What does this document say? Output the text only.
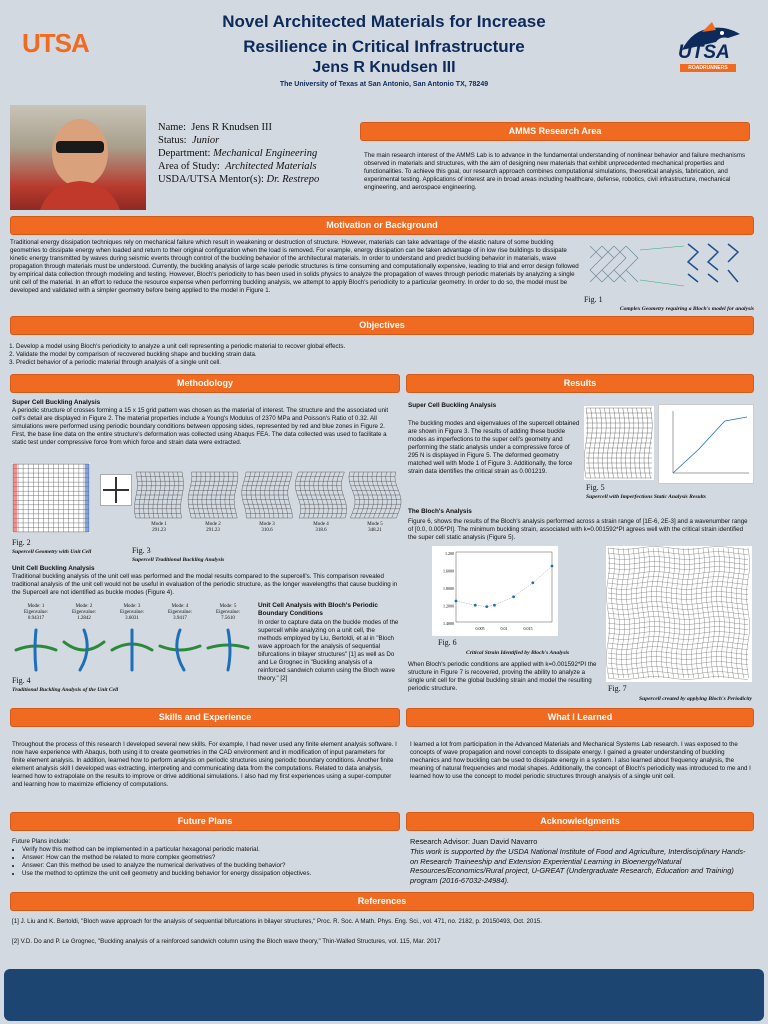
UTSA
Novel Architected Materials for Increase
Resilience in Critical Infrastructure
Jens R Knudsen III
The University of Texas at San Antonio, San Antonio TX, 78249
UTSA
ROADRUNNERS
Name: Jens R Knudsen III
Status: Junior
Department: Mechanical Engineering
Area of Study: Architected Materials
USDA/UTSA Mentor(s): Dr. Restrepo
AMMS Research Area
The main research interest of the AMMS Lab is to advance in the fundamental understanding of nonlinear behavior and failure mechanisms observed in materials and structures, with the aim of designing new materials that exhibit unprecedented mechanical properties and functionalities. To achieve this goal, our research approach combines computational simulations, theoretical analysis, fabrication, and experimental testing. Applications of interest are in broad areas including healthcare, defense, robotics, civil infrastructure, mechanical engineering, and aerospace engineering.
Motivation or Background
Traditional energy dissipation techniques rely on mechanical failure which result in weakening or destruction of structure. However, materials can take advantage of the elastic nature of some buckling geometries to dissipate energy when loaded and return to their original configuration when the load is removed. For example, energy dissipation can be taken advantage of in low rise buildings to dissipate kinetic energy transmitted by waves during seismic events through control of the buckling behavior of the architectural materials. In order to understand and predict buckling behavior in materials, wave propagation through materials must be understood. Currently, the buckling analysis of large scale periodic structures is time consuming and computationally expensive, leading to trial and error design followed by empirical data collection through modeling and testing. However, Bloch's periodicity to has been used in solids physics to analyze the propagation of waves through periodic materials by analyzing a single unit cell of the material. In an effort to reduce the resource expense when performing buckling analysis, we attempt to apply Bloch's periodicity to a particular geometry. In order to do so, the model must be developed and validated with a simpler geometry before being applied to the model in Figure 1.
Fig. 1
Complex Geometry requiring a Bloch's model for analysis
Objectives
1. Develop a model using Bloch's periodicity to analyze a unit cell representing a periodic material to recover global effects.
2. Validate the model by comparison of recovered buckling shape and buckling strain data.
3. Predict behavior of a periodic material through analysis of a single unit cell.
Methodology
Super Cell Buckling Analysis
A periodic structure of crosses forming a 15 x 15 grid pattern was chosen as the material of interest. The structure and the associated unit cell's detail are displayed in Figure 2. The material properties include a Young's Modulus of 2370 MPa and Poisson's Ratio of 0.32. All simulations were performed using periodic boundary conditions between opposing sides, represented by red and blue zones in Figure 2. First, the base line data on the entire structure's deformation was collected using Abaqus FEA. The data collected was used to facilitate a static test under compressive force from which force and strain data were extracted.
Fig. 2
Supercell Geometry with Unit Cell
Mode 1
291.23
Mode 2
291.23
Mode 3
310.6
Mode 4
318.6
Mode 5
348.21
Fig. 3
Supercell Traditional Buckling Analysis
Unit Cell Buckling Analysis
Traditional buckling analysis of the unit cell was performed and the modal results compared to the supercell's. This comparison revealed traditional analysis of the unit cell would not be useful in evaluation of the periodic structure, as the longer wavelengths that cause buckling in the Supercell are not identified as buckle modes (Figure 4).
Mode: 1
Eigenvalue:
0.94317
Mode: 2
Eigenvalue:
1.2842
Mode: 3
Eigenvalue:
3.6031
Mode: 4
Eigenvalue:
3.9417
Mode: 5
Eigenvalue:
7.5610
Fig. 4
Traditional Buckling Analysis of the Unit Cell
Unit Cell Analysis with Bloch's Periodic Boundary Conditions
In order to capture data on the buckle modes of the supercell while analyzing on a unit cell, the methods employed by Liu, Bertoldi, et al in "Bloch wave approach for the analysis of sequential bifurcations in bilayer structures" [1] as well as Do and Le Grognec in "Buckling analysis of a reinforced sandwich column using the Bloch wave theory." [2]
Results
Super Cell Buckling Analysis
The buckling modes and eigenvalues of the supercell obtained are shown in Figure 3. The results of adding these buckle modes as imperfections to the super cell's geometry and performing the static analysis under a compressive force of 295 N is displayed in Figure 5. The deformed geometry matched well with Mode 1 of Figure 3. Additionally, the force strain data identifies the critical strain as 0.001219.
Fig. 5
Supercell with Imperfections Static Analysis Results
The Bloch's Analysis
Figure 6, shows the results of the Bloch's analysis performed across a strain range of [1E-6, 2E-3] and a wavenumber range of [0.0, 0.005*PI]. The minimum buckling strain, associated with k=0.001592*PI agrees well with the critical strain identified the super cell static analysis (Figure 5).
0.005	0.01	0.015
1.200
1.6000
1.8000
1.2000
1.4000
Fig. 6
Critical Strain Identified by Bloch's Analysis
When Bloch's periodic conditions are applied with k=0.001592*PI the structure in Figure 7 is recovered, proving the ability to analyze a single unit cell for the global buckling strain and model the resulting periodic structure.	Fig. 7
Supercell created by applying Bloch's Periodicity
Skills and Experience
Throughout the process of this research I developed several new skills. For example, I had never used any finite element analysis software. I now have experience with Abaqus, both using it to create geometries in the CAD environment and in modification of input parameters for finite element analysis. In addition, learned how to perform analysis on periodic structures using periodic boundary conditions. Another finite element analysis skill I developed was extracting, interpreting and communicating data from the computations. Related to data analysis, learned how to extrapolate on the results to improve or drive additional simulations. I also had my first experiences using a super-computer and learning how to maximize efficiency of computations.
What I Learned
I learned a lot from participation in the Advanced Materials and Mechanical Systems Lab research. I was exposed to the concepts of wave propagation and novel concepts to dissipate energy. I gained a greater understanding of buckling mechanics and how buckling can be used to dissipate energy in a system. I also learned about frequency analysis, the meaning of natural frequencies and modal shapes. Additionally, the concept of Bloch's periodicity was introduced to me and I learned how to use the concept to model periodic structures through analysis of a single unit cell.
Future Plans
Future Plans include:
• Verify how this method can be implemented in a particular hexagonal periodic material.
• Answer: How can the method be related to more complex geometries?
• Answer: Can this method be used to analyze the numerical derivatives of the buckling behavior?
• Use the method to optimize the unit cell geometry and buckling behavior for energy dissipation objectives.
Acknowledgments
Research Advisor: Juan David Navarro
This work is supported by the USDA National Institute of Food and Agriculture, Interdisciplinary Hands-on Research Traineeship and Extension Experiential Learning in Bioenergy/Natural Resources/Economics/Rural project, U-GREAT (Undergraduate Research, Education and Training) program (2016-67032-24984).
References
[1] J. Liu and K. Bertoldi, "Bloch wave approach for the analysis of sequential bifurcations in bilayer structures," Proc. R. Soc. A Math. Phys. Eng. Sci., vol. 471, no. 2182, p. 20150493, Oct. 2015.
[2] V.D. Do and P. Le Grognec, "Buckling analysis of a reinforced sandwich column using the Bloch wave theory," Thin-Walled Structures, vol. 115, Mar. 2017
